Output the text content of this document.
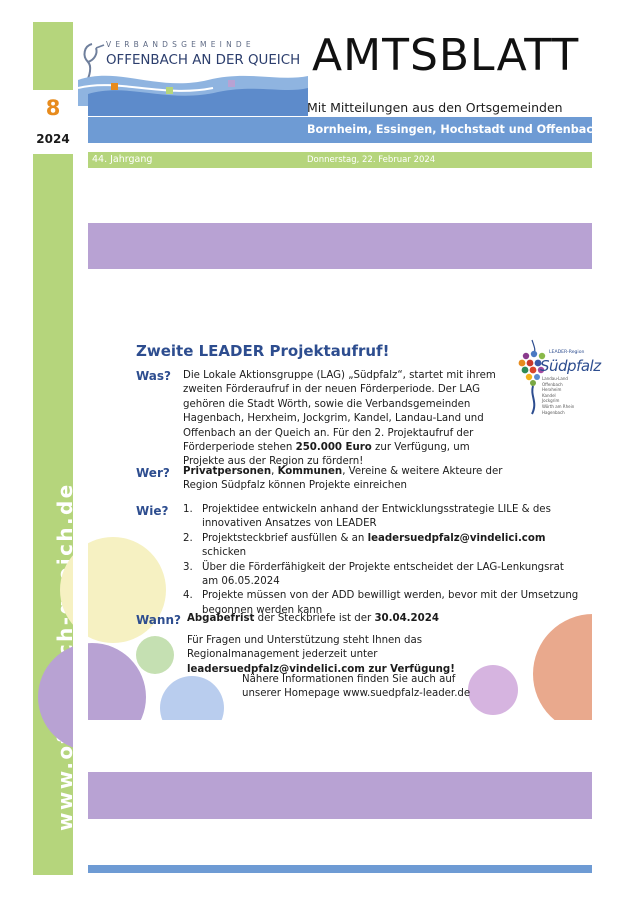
8
2024
VERBANDSGEMEINDE
OFFENBACH AN DER QUEICH AMTSBLATT
Mit Mitteilungen aus den Ortsgemeinden
Bornheim, Essingen, Hochstadt und Offenbach
44. Jahrgang	Donnerstag, 22. Februar 2024
Zweite LEADER Projektaufruf!
Was? Die Lokale Aktionsgruppe (LAG) „Südpfalz“, startet mit ihrem zweiten Förderaufruf in der neuen Förderperiode. Der LAG gehören die Stadt Wörth, sowie die Verbandsgemeinden Hagenbach, Herxheim, Jockgrim, Kandel, Landau-Land und Offenbach an der Queich an. Für den 2. Projektaufruf der Förderperiode stehen 250.000 Euro zur Verfügung, um Projekte aus der Region zu fördern!
Landau-Land
Offenbach
Herxheim
Kandel
Jockgrim
Wörth am Rhein
Hagenbach
LEADER-Region
Südpfalz
Wer? Privatpersonen, Kommunen, Vereine & weitere Akteure der Region Südpfalz können Projekte einreichen
Wie? 1. Projektidee entwickeln anhand der Entwicklungsstrategie LILE & des innovativen Ansatzes von LEADER
2. Projektsteckbrief ausfüllen & an leadersuedpfalz@vindelici.com schicken
3. Über die Förderfähigkeit der Projekte entscheidet der LAG-Lenkungsrat am 06.05.2024
4. Projekte müssen von der ADD bewilligt werden, bevor mit der Umsetzung begonnen werden kann
Wann? Abgabefrist der Steckbriefe ist der 30.04.2024
Für Fragen und Unterstützung steht Ihnen das Regionalmanagement jederzeit unter leadersuedpfalz@vindelici.com zur Verfügung!
Nähere Informationen finden Sie auch auf
unserer Homepage www.suedpfalz-leader.de
